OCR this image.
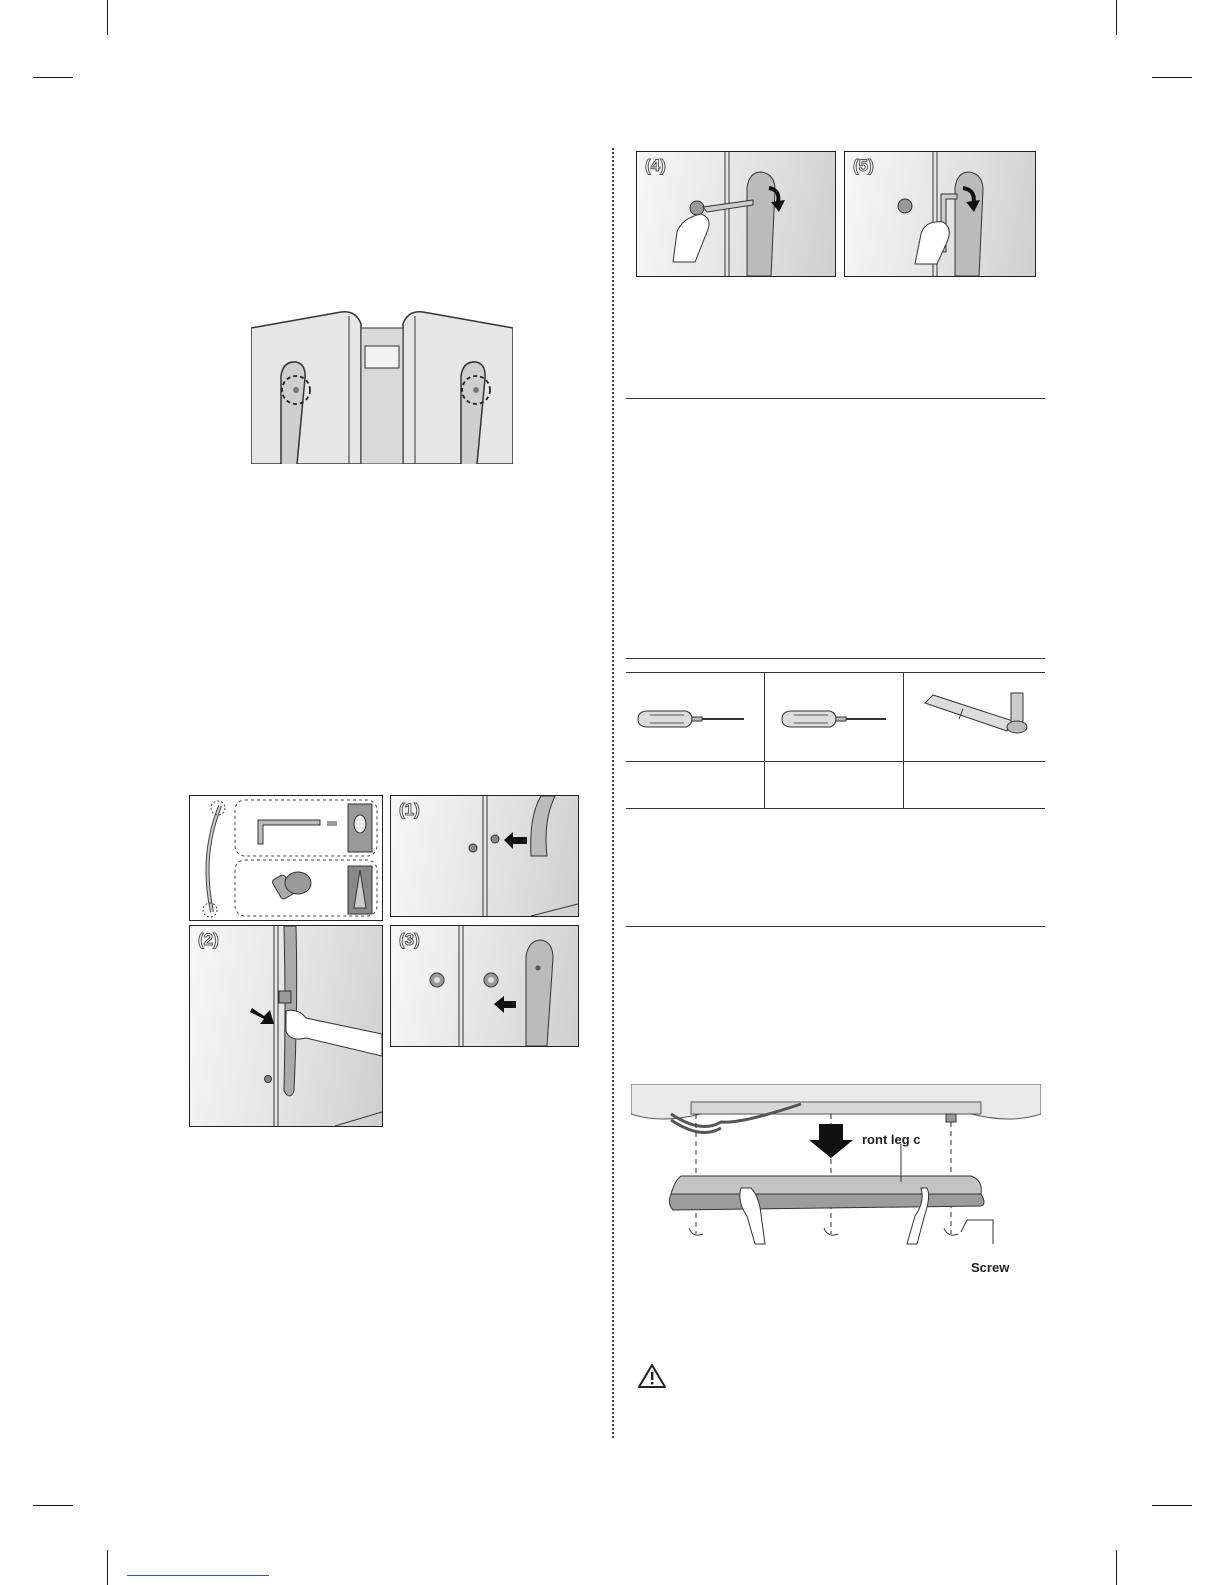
(1)
(2)	(3)
(4)	(5)
ront leg c
Screw
